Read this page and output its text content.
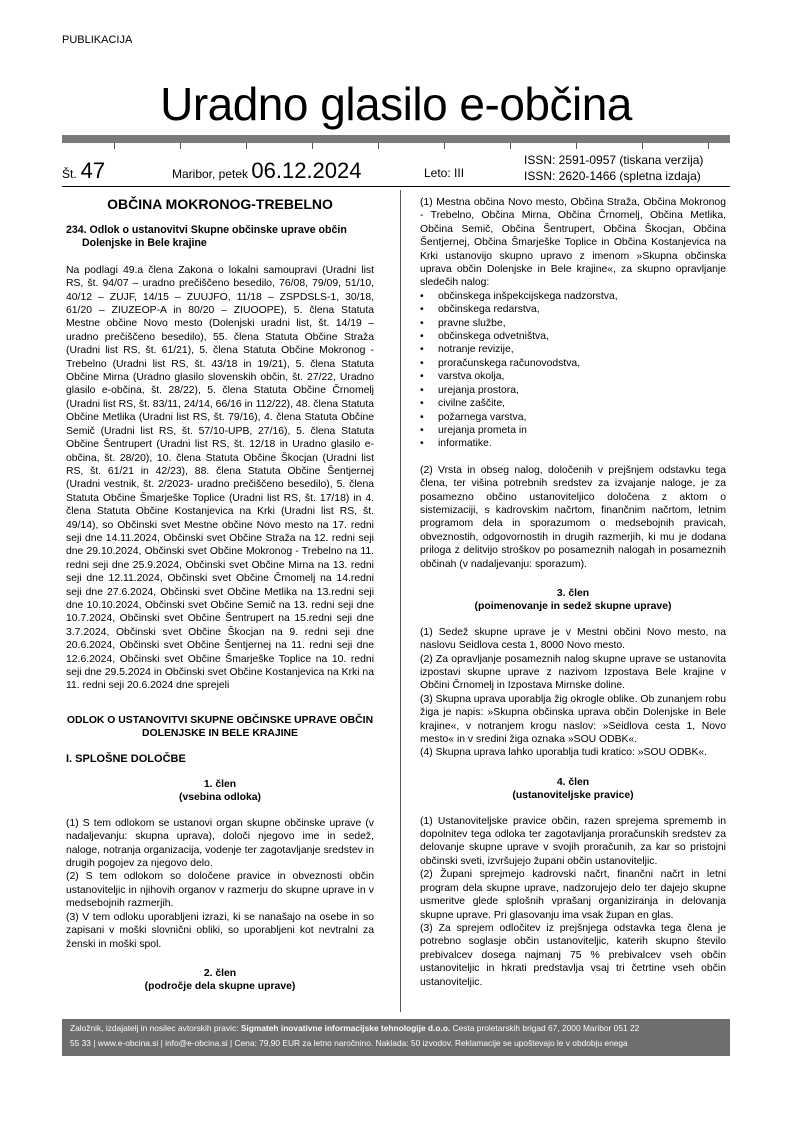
PUBLIKACIJA
Uradno glasilo e-občina
Št. 47	Maribor, petek 06.12.2024	Leto: III
ISSN: 2591-0957 (tiskana verzija)
ISSN: 2620-1466 (spletna izdaja)
OBČINA MOKRONOG-TREBELNO
234. Odlok o ustanovitvi Skupne občinske uprave občin Dolenjske in Bele krajine

Na podlagi 49.a člena Zakona o lokalni samoupravi (Uradni list RS, št. 94/07 – uradno prečiščeno besedilo, 76/08, 79/09, 51/10, 40/12 – ZUJF, 14/15 – ZUUJFO, 11/18 – ZSPDSLS-1, 30/18, 61/20 – ZIUZEOP-A in 80/20 – ZIUOOPE), 5. člena Statuta Mestne občine Novo mesto (Dolenjski uradni list, št. 14/19 – uradno prečiščeno besedilo), 55. člena Statuta Občine Straža (Uradni list RS, št. 61/21), 5. člena Statuta Občine Mokronog - Trebelno (Uradni list RS, št. 43/18 in 19/21), 5. člena Statuta Občine Mirna (Uradno glasilo slovenskih občin, št. 27/22, Uradno glasilo e-občina, št. 28/22), 5. člena Statuta Občine Črnomelj (Uradni list RS, št. 83/11, 24/14, 66/16 in 112/22), 48. člena Statuta Občine Metlika (Uradni list RS, št. 79/16), 4. člena Statuta Občine Semič (Uradni list RS, št. 57/10-UPB, 27/16), 5. člena Statuta Občine Šentrupert (Uradni list RS, št. 12/18 in Uradno glasilo e-občina, št. 28/20), 10. člena Statuta Občine Škocjan (Uradni list RS, št. 61/21 in 42/23), 88. člena Statuta Občine Šentjernej (Uradni vestnik, št. 2/2023- uradno prečiščeno besedilo), 5. člena Statuta Občine Šmarješke Toplice (Uradni list RS, št. 17/18) in 4. člena Statuta Občine Kostanjevica na Krki (Uradni list RS, št. 49/14), so Občinski svet Mestne občine Novo mesto na 17. redni seji dne 14.11.2024, Občinski svet Občine Straža na 12. redni seji dne 29.10.2024, Občinski svet Občine Mokronog - Trebelno na 11. redni seji dne 25.9.2024, Občinski svet Občine Mirna na 13. redni seji dne 12.11.2024, Občinski svet Občine Črnomelj na 14.redni seji dne 27.6.2024, Občinski svet Občine Metlika na 13.redni seji dne 10.10.2024, Občinski svet Občine Semič na 13. redni seji dne 10.7.2024, Občinski svet Občine Šentrupert na 15.redni seji dne 3.7.2024, Občinski svet Občine Škocjan na 9. redni seji dne 20.6.2024, Občinski svet Občine Šentjernej na 11. redni seji dne 12.6.2024, Občinski svet Občine Šmarješke Toplice na 10. redni seji dne 29.5.2024 in Občinski svet Občine Kostanjevica na Krki na 11. redni seji 20.6.2024 dne sprejeli

ODLOK O USTANOVITVI SKUPNE OBČINSKE UPRAVE OBČIN DOLENJSKE IN BELE KRAJINE
I. SPLOŠNE DOLOČBE
1. člen
(vsebina odloka)

(1) S tem odlokom se ustanovi organ skupne občinske uprave (v nadaljevanju: skupna uprava), določi njegovo ime in sedež, naloge, notranja organizacija, vodenje ter zagotavljanje sredstev in drugih pogojev za njegovo delo.

(2) S tem odlokom so določene pravice in obveznosti občin ustanoviteljic in njihovih organov v razmerju do skupne uprave in v medsebojnih razmerjih.

(3) V tem odloku uporabljeni izrazi, ki se nanašajo na osebe in so zapisani v moški slovnični obliki, so uporabljeni kot nevtralni za ženski in moški spol.

2. člen
(področje dela skupne uprave)

(1) Mestna občina Novo mesto, Občina Straža, Občina Mokronog - Trebelno, Občina Mirna, Občina Črnomelj, Občina Metlika, Občina Semič, Občina Šentrupert, Občina Škocjan, Občina Šentjernej, Občina Šmarješke Toplice in Občina Kostanjevica na Krki ustanovijo skupno upravo z imenom »Skupna občinska uprava občin Dolenjske in Bele krajine«, za skupno opravljanje sledečih nalog:

• občinskega inšpekcijskega nadzorstva,
• občinskega redarstva,
• pravne službe,
• občinskega odvetništva,
• notranje revizije,
• proračunskega računovodstva,
• varstva okolja,
• urejanja prostora,
• civilne zaščite,
• požarnega varstva,
• urejanja prometa in
• informatike.

(2) Vrsta in obseg nalog, določenih v prejšnjem odstavku tega člena, ter višina potrebnih sredstev za izvajanje naloge, je za posamezno občino ustanoviteljico določena z aktom o sistemizaciji, s kadrovskim načrtom, finančnim načrtom, letnim programom dela in sporazumom o medsebojnih pravicah, obveznostih, odgovornostih in drugih razmerjih, ki mu je dodana priloga z delitvijo stroškov po posameznih nalogah in posameznih občinah (v nadaljevanju: sporazum).

3. člen
(poimenovanje in sedež skupne uprave)

(1) Sedež skupne uprave je v Mestni občini Novo mesto, na naslovu Seidlova cesta 1, 8000 Novo mesto.

(2) Za opravljanje posameznih nalog skupne uprave se ustanovita izpostavi skupne uprave z nazivom Izpostava Bele krajine v Občini Črnomelj in Izpostava Mirnske doline.

(3) Skupna uprava uporablja žig okrogle oblike. Ob zunanjem robu žiga je napis: »Skupna občinska uprava občin Dolenjske in Bele krajine«, v notranjem krogu naslov: »Seidlova cesta 1, Novo mesto« in v sredini žiga oznaka »SOU ODBK«.

(4) Skupna uprava lahko uporablja tudi kratico: »SOU ODBK«.

4. člen
(ustanoviteljske pravice)

(1) Ustanoviteljske pravice občin, razen sprejema sprememb in dopolnitev tega odloka ter zagotavljanja proračunskih sredstev za delovanje skupne uprave v svojih proračunih, za kar so pristojni občinski sveti, izvršujejo župani občin ustanoviteljic.

(2) Župani sprejmejo kadrovski načrt, finančni načrt in letni program dela skupne uprave, nadzorujejo delo ter dajejo skupne usmeritve glede splošnih vprašanj organiziranja in delovanja skupne uprave. Pri glasovanju ima vsak župan en glas.

(3) Za sprejem odločitev iz prejšnjega odstavka tega člena je potrebno soglasje občin ustanoviteljic, katerih skupno število prebivalcev dosega najmanj 75 % prebivalcev vseh občin ustanoviteljic in hkrati predstavlja vsaj tri četrtine vseh občin ustanoviteljic.

Založnik, izdajatelj in nosilec avtorskih pravic: Sigmateh inovativne informacijske tehnologije d.o.o. Cesta proletarskih brigad 67, 2000 Maribor 051 22
55 33 | www.e-obcina.si | info@e-obcina.si | Cena: 79,90 EUR za letno naročnino. Naklada: 50 izvodov. Reklamacije se upoštevajo le v obdobju enega
